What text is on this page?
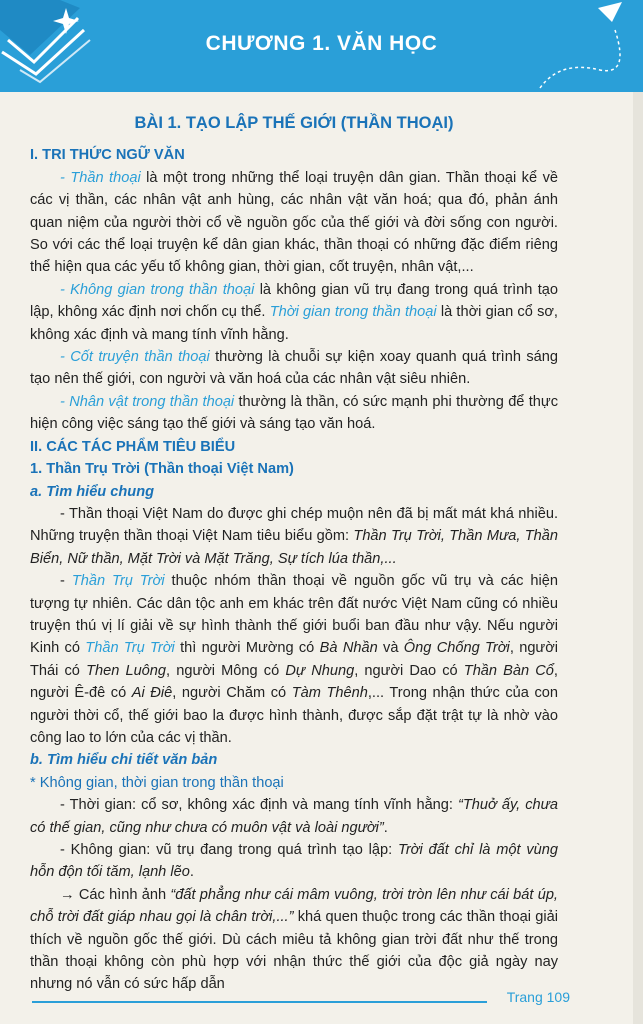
CHƯƠNG 1. VĂN HỌC
BÀI 1. TẠO LẬP THẾ GIỚI (THẦN THOẠI)
I. TRI THỨC NGỮ VĂN

- Thần thoại là một trong những thể loại truyện dân gian. Thần thoại kể về các vị thần, các nhân vật anh hùng, các nhân vật văn hoá; qua đó, phản ánh quan niệm của người thời cổ về nguồn gốc của thế giới và đời sống con người. So với các thể loại truyện kể dân gian khác, thần thoại có những đặc điểm riêng thể hiện qua các yếu tố không gian, thời gian, cốt truyện, nhân vật,...

- Không gian trong thần thoại là không gian vũ trụ đang trong quá trình tạo lập, không xác định nơi chốn cụ thể. Thời gian trong thần thoại là thời gian cổ sơ, không xác định và mang tính vĩnh hằng.

- Cốt truyện thần thoại thường là chuỗi sự kiện xoay quanh quá trình sáng tạo nên thế giới, con người và văn hoá của các nhân vật siêu nhiên.

- Nhân vật trong thần thoại thường là thần, có sức mạnh phi thường để thực hiện công việc sáng tạo thế giới và sáng tạo văn hoá.

II. CÁC TÁC PHẨM TIÊU BIỂU
1. Thần Trụ Trời (Thần thoại Việt Nam)
a. Tìm hiểu chung

- Thần thoại Việt Nam do được ghi chép muộn nên đã bị mất mát khá nhiều. Những truyện thần thoại Việt Nam tiêu biểu gồm: Thần Trụ Trời, Thần Mưa, Thần Biển, Nữ thần, Mặt Trời và Mặt Trăng, Sự tích lúa thần,...

- Thần Trụ Trời thuộc nhóm thần thoại về nguồn gốc vũ trụ và các hiện tượng tự nhiên. Các dân tộc anh em khác trên đất nước Việt Nam cũng có nhiều truyện thú vị lí giải về sự hình thành thế giới buổi ban đầu như vậy. Nếu người Kinh có Thần Trụ Trời thì người Mường có Bà Nhần và Ông Chống Trời, người Thái có Then Luông, người Mông có Dự Nhung, người Dao có Thần Bàn Cổ, người Ê-đê có Ai Điê, người Chăm có Tàm Thênh,... Trong nhận thức của con người thời cổ, thế giới bao la được hình thành, được sắp đặt trật tự là nhờ vào công lao to lớn của các vị thần.

b. Tìm hiểu chi tiết văn bản

* Không gian, thời gian trong thần thoại

- Thời gian: cổ sơ, không xác định và mang tính vĩnh hằng: “Thuở ấy, chưa có thế gian, cũng như chưa có muôn vật và loài người”.

- Không gian: vũ trụ đang trong quá trình tạo lập: Trời đất chỉ là một vùng hỗn độn tối tăm, lạnh lẽo.

→ Các hình ảnh “đất phẳng như cái mâm vuông, trời tròn lên như cái bát úp, chỗ trời đất giáp nhau gọi là chân trời,...” khá quen thuộc trong các thần thoại giải thích về nguồn gốc thế giới. Dù cách miêu tả không gian trời đất như thế trong thần thoại không còn phù hợp với nhận thức thế giới của độc giả ngày nay nhưng nó vẫn có sức hấp dẫn

Trang 109
